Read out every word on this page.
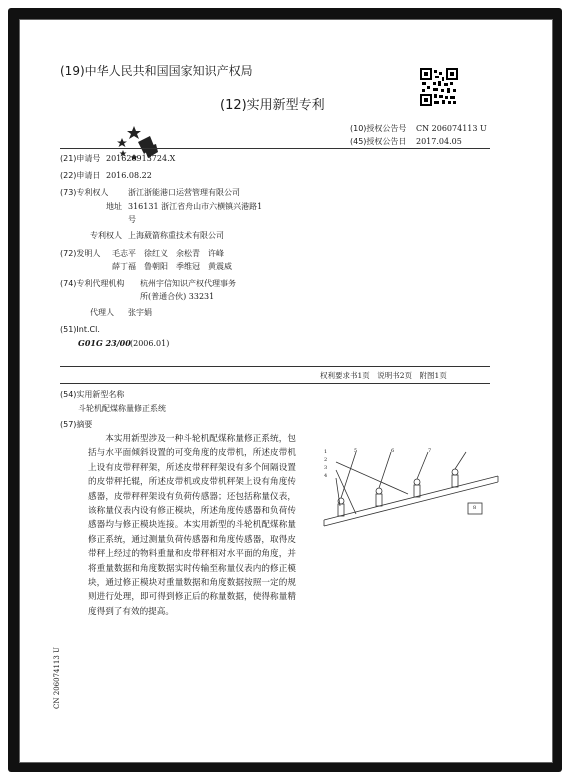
(19)中华人民共和国国家知识产权局
(12)实用新型专利
(10)授权公告号 CN 206074113 U
(45)授权公告日 2017.04.05
(21)申请号 201620913724.X
(22)申请日 2016.08.22
(73)专利权人 浙江浙能港口运营管理有限公司
地址 316131 浙江省舟山市六横镇兴港路1
号
专利权人 上海葳箭称重技术有限公司
(72)发明人 毛志平　徐红义　余松青　许峰
薛丁福　鲁朝阳　季维冠　黄震威
(74)专利代理机构 杭州宇信知识产权代理事务
所(普通合伙) 33231
代理人 张宇娟
(51)Int.Cl.
G01G 23/00 (2006.01)
权利要求书1页　说明书2页　附图1页
(54)实用新型名称
斗轮机配煤称量修正系统
(57)摘要
本实用新型涉及一种斗轮机配煤称量修正系统，包括与水平面倾斜设置的可变角度的皮带机，所述皮带机上设有皮带秤秤架，所述皮带秤秤架设有多个间隔设置的皮带秤托辊，所述皮带机或皮带机秤架上设有角度传感器，皮带秤秤架设有负荷传感器；还包括称量仪表，该称量仪表内设有修正模块，所述角度传感器和负荷传感器均与修正模块连接。本实用新型的斗轮机配煤称量修正系统，通过测量负荷传感器和角度传感器，取得皮带秤上经过的物料重量和皮带秤相对水平面的角度，并将重量数据和角度数据实时传输至称量仪表内的修正模块，通过修正模块对重量数据和角度数据按照一定的规则进行处理，即可得到修正后的称量数据，使得称量精度得到了有效的提高。
1
2
3
4
5	6	7
8
CN 206074113 U
